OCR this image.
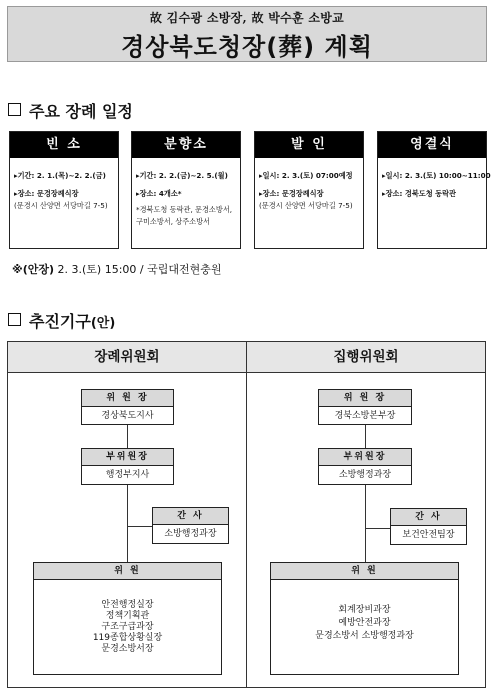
故 김수광 소방장, 故 박수훈 소방교
경상북도청장(葬) 계획
주요 장례 일정
빈 소
▸기간: 2. 1.(목)~2. 2.(금)
▸장소: 문경장례식장
(문경시 산양면 서당마길 7-5)
분향소
▸기간: 2. 2.(금)~2. 5.(월)
▸장소: 4개소*
*경북도청 동락관, 문경소방서,
구미소방서, 상주소방서
발 인
▸일시: 2. 3.(토) 07:00예정
▸장소: 문경장례식장
(문경시 산양면 서당마길 7-5)
영결식
▸일시: 2. 3.(토) 10:00~11:00
▸장소: 경북도청 동락관
※(안장) 2. 3.(토) 15:00 / 국립대전현충원
추진기구(안)
장례위원회	집행위원회
위 원 장
경상북도지사
부위원장
행정부지사
간 사
소방행정과장
위 원
안전행정실장
정책기획관
구조구급과장
119종합상황실장
문경소방서장
위 원 장
경북소방본부장
부위원장
소방행정과장
간 사
보건안전팀장
위 원
회계장비과장
예방안전과장
문경소방서 소방행정과장
